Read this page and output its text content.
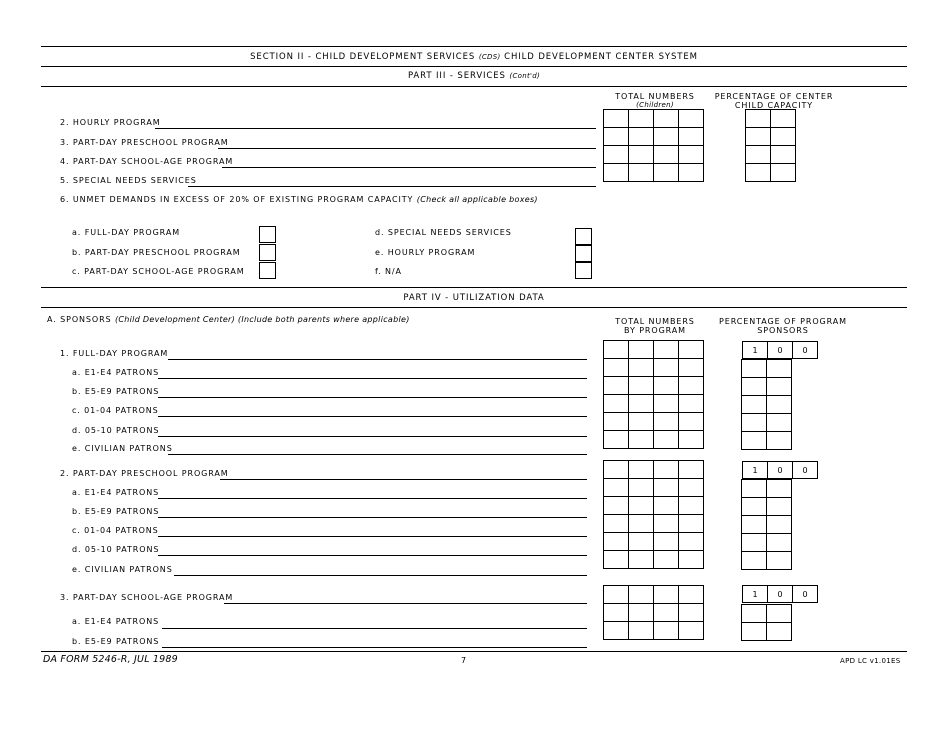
SECTION II - CHILD DEVELOPMENT SERVICES (CDS) CHILD DEVELOPMENT CENTER SYSTEM
PART III - SERVICES (Cont'd)
TOTAL NUMBERS
(Children)
PERCENTAGE OF CENTER
CHILD CAPACITY
2. HOURLY PROGRAM
3. PART-DAY PRESCHOOL PROGRAM
4. PART-DAY SCHOOL-AGE PROGRAM
5. SPECIAL NEEDS SERVICES

6. UNMET DEMANDS IN EXCESS OF 20% OF EXISTING PROGRAM CAPACITY (Check all applicable boxes)
a. FULL-DAY PROGRAM
b. PART-DAY PRESCHOOL PROGRAM
c. PART-DAY SCHOOL-AGE PROGRAM
d. SPECIAL NEEDS SERVICES
e. HOURLY PROGRAM
f. N/A
PART IV - UTILIZATION DATA
A. SPONSORS (Child Development Center) (Include both parents where applicable)	TOTAL NUMBERS
BY PROGRAM
PERCENTAGE OF PROGRAM
SPONSORS
1. FULL-DAY PROGRAM
a. E1-E4 PATRONS
b. E5-E9 PATRONS
c. 01-04 PATRONS
d. 05-10 PATRONS
e. CIVILIAN PATRONS

1	0	0

2. PART-DAY PRESCHOOL PROGRAM
a. E1-E4 PATRONS
b. E5-E9 PATRONS
c. 01-04 PATRONS
d. 05-10 PATRONS
e. CIVILIAN PATRONS

1	0	0

3. PART-DAY SCHOOL-AGE PROGRAM
a. E1-E4 PATRONS
b. E5-E9 PATRONS

1	0	0

DA FORM 5246-R, JUL 1989	7	APD LC v1.01ES
